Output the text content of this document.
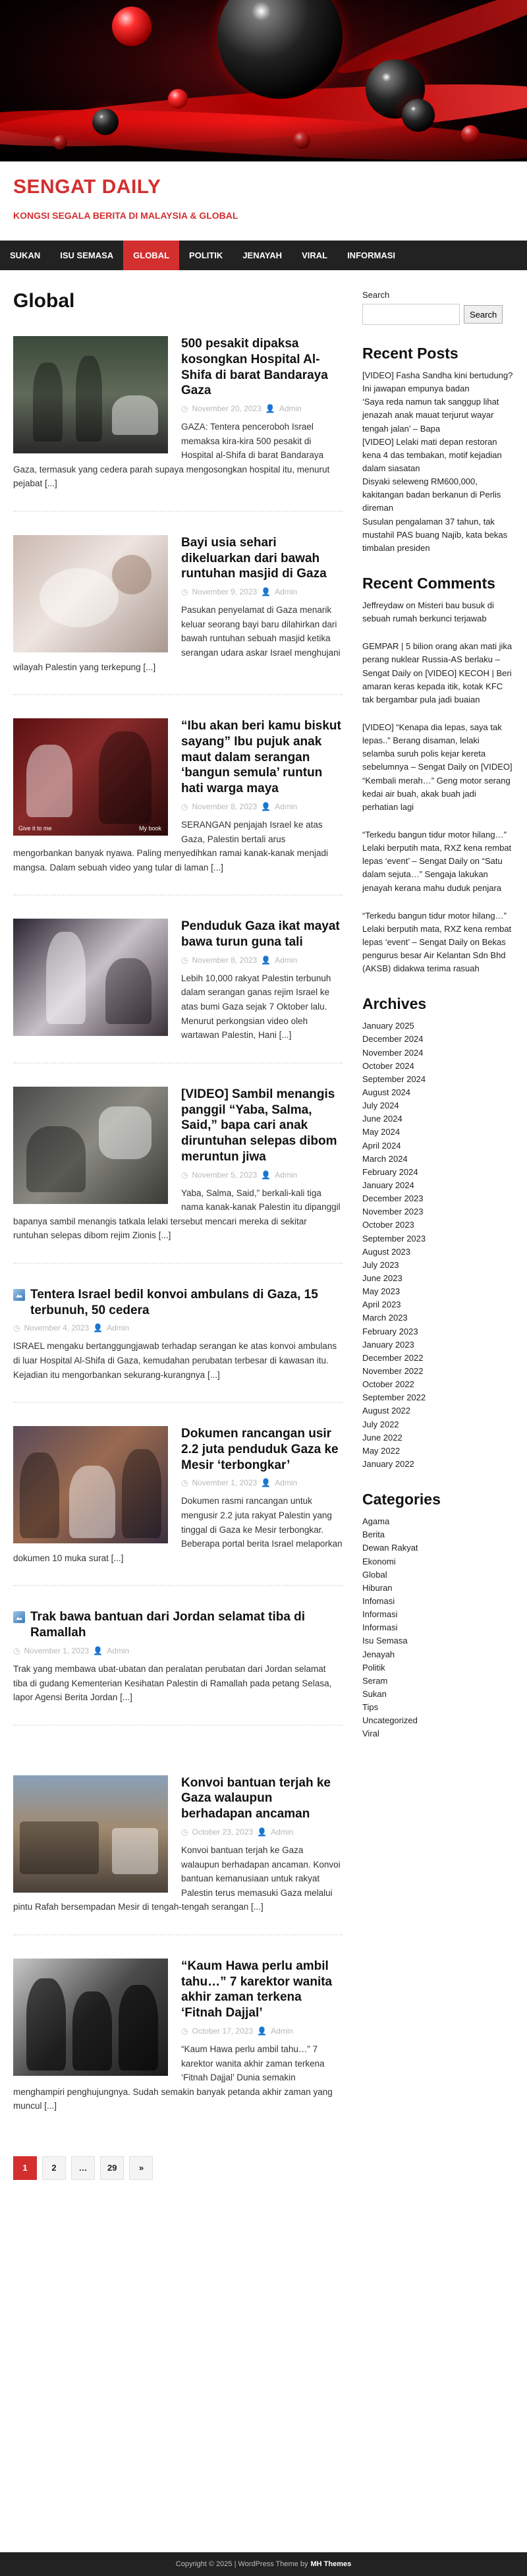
SENGAT DAILY
KONGSI SEGALA BERITA DI MALAYSIA & GLOBAL
SUKAN	ISU SEMASA	GLOBAL	POLITIK	JENAYAH	VIRAL	INFORMASI
Global
500 pesakit dipaksa kosongkan Hospital Al-Shifa di barat Bandaraya Gaza
◷ November 20, 2023 👤 Admin

GAZA: Tentera penceroboh Israel memaksa kira-kira 500 pesakit di Hospital al-Shifa di barat Bandaraya Gaza, termasuk yang cedera parah supaya mengosongkan hospital itu, menurut pejabat [...]

Bayi usia sehari dikeluarkan dari bawah runtuhan masjid di Gaza
◷ November 9, 2023 👤 Admin

Pasukan penyelamat di Gaza menarik keluar seorang bayi baru dilahirkan dari bawah runtuhan sebuah masjid ketika serangan udara askar Israel menghujani wilayah Palestin yang terkepung [...]

Give it to me	My book
“Ibu akan beri kamu biskut sayang” Ibu pujuk anak maut dalam serangan ‘bangun semula’ runtun hati warga maya
◷ November 8, 2023 👤 Admin

SERANGAN penjajah Israel ke atas Gaza, Palestin bertali arus mengorbankan banyak nyawa. Paling menyedihkan ramai kanak-kanak menjadi mangsa. Dalam sebuah video yang tular di laman [...]

Penduduk Gaza ikat mayat bawa turun guna tali
◷ November 8, 2023 👤 Admin

Lebih 10,000 rakyat Palestin terbunuh dalam serangan ganas rejim Israel ke atas bumi Gaza sejak 7 Oktober lalu. Menurut perkongsian video oleh wartawan Palestin, Hani [...]

[VIDEO] Sambil menangis panggil “Yaba, Salma, Said,” bapa cari anak diruntuhan selepas dibom meruntun jiwa
◷ November 5, 2023 👤 Admin

Yaba, Salma, Said,” berkali-kali tiga nama kanak-kanak Palestin itu dipanggil bapanya sambil menangis tatkala lelaki tersebut mencari mereka di sekitar runtuhan selepas dibom rejim Zionis [...]

Tentera Israel bedil konvoi ambulans di Gaza, 15 terbunuh, 50 cedera
◷ November 4, 2023 👤 Admin

ISRAEL mengaku bertanggungjawab terhadap serangan ke atas konvoi ambulans di luar Hospital Al-Shifa di Gaza, kemudahan perubatan terbesar di kawasan itu. Kejadian itu mengorbankan sekurang-kurangnya [...]

Dokumen rancangan usir 2.2 juta penduduk Gaza ke Mesir ‘terbongkar’
◷ November 1, 2023 👤 Admin

Dokumen rasmi rancangan untuk mengusir 2.2 juta rakyat Palestin yang tinggal di Gaza ke Mesir terbongkar. Beberapa portal berita Israel melaporkan dokumen 10 muka surat [...]

Trak bawa bantuan dari Jordan selamat tiba di Ramallah
◷ November 1, 2023 👤 Admin

Trak yang membawa ubat-ubatan dan peralatan perubatan dari Jordan selamat tiba di gudang Kementerian Kesihatan Palestin di Ramallah pada petang Selasa, lapor Agensi Berita Jordan [...]

Konvoi bantuan terjah ke Gaza walaupun berhadapan ancaman
◷ October 23, 2023 👤 Admin

Konvoi bantuan terjah ke Gaza walaupun berhadapan ancaman. Konvoi bantuan kemanusiaan untuk rakyat Palestin terus memasuki Gaza melalui pintu Rafah bersempadan Mesir di tengah-tengah serangan [...]

“Kaum Hawa perlu ambil tahu…” 7 karektor wanita akhir zaman terkena ‘Fitnah Dajjal’
◷ October 17, 2023 👤 Admin

“Kaum Hawa perlu ambil tahu…” 7 karektor wanita akhir zaman terkena ‘Fitnah Dajjal’ Dunia semakin menghampiri penghujungnya. Sudah semakin banyak petanda akhir zaman yang muncul [...]

1	2	…	29	»
Search
Search
Recent Posts
[VIDEO] Fasha Sandha kini bertudung? Ini jawapan empunya badan
‘Saya reda namun tak sanggup lihat jenazah anak mauat terjurut wayar tengah jalan’ – Bapa
[VIDEO] Lelaki mati depan restoran kena 4 das tembakan, motif kejadian dalam siasatan
Disyaki seleweng RM600,000, kakitangan badan berkanun di Perlis direman
Susulan pengalaman 37 tahun, tak mustahil PAS buang Najib, kata bekas timbalan presiden
Recent Comments
Jeffreydaw on Misteri bau busuk di sebuah rumah berkunci terjawab
GEMPAR | 5 bilion orang akan mati jika perang nuklear Russia-AS berlaku – Sengat Daily on [VIDEO] KECOH | Beri amaran keras kepada itik, kotak KFC tak bergambar pula jadi buaian
[VIDEO] “Kenapa dia lepas, saya tak lepas..” Berang disaman, lelaki selamba suruh polis kejar kereta sebelumnya – Sengat Daily on [VIDEO] “Kembali merah…” Geng motor serang kedai air buah, akak buah jadi perhatian lagi
“Terkedu bangun tidur motor hilang…” Lelaki berputih mata, RXZ kena rembat lepas ‘event’ – Sengat Daily on “Satu dalam sejuta…” Sengaja lakukan jenayah kerana mahu duduk penjara
“Terkedu bangun tidur motor hilang…” Lelaki berputih mata, RXZ kena rembat lepas ‘event’ – Sengat Daily on Bekas pengurus besar Air Kelantan Sdn Bhd (AKSB) didakwa terima rasuah
Archives
January 2025
December 2024
November 2024
October 2024
September 2024
August 2024
July 2024
June 2024
May 2024
April 2024
March 2024
February 2024
January 2024
December 2023
November 2023
October 2023
September 2023
August 2023
July 2023
June 2023
May 2023
April 2023
March 2023
February 2023
January 2023
December 2022
November 2022
October 2022
September 2022
August 2022
July 2022
June 2022
May 2022
January 2022
Categories
Agama
Berita
Dewan Rakyat
Ekonomi
Global
Hiburan
Infomasi
Informasi
Informasi
Isu Semasa
Jenayah
Politik
Seram
Sukan
Tips
Uncategorized
Viral
Copyright © 2025 | WordPress Theme by MH Themes
